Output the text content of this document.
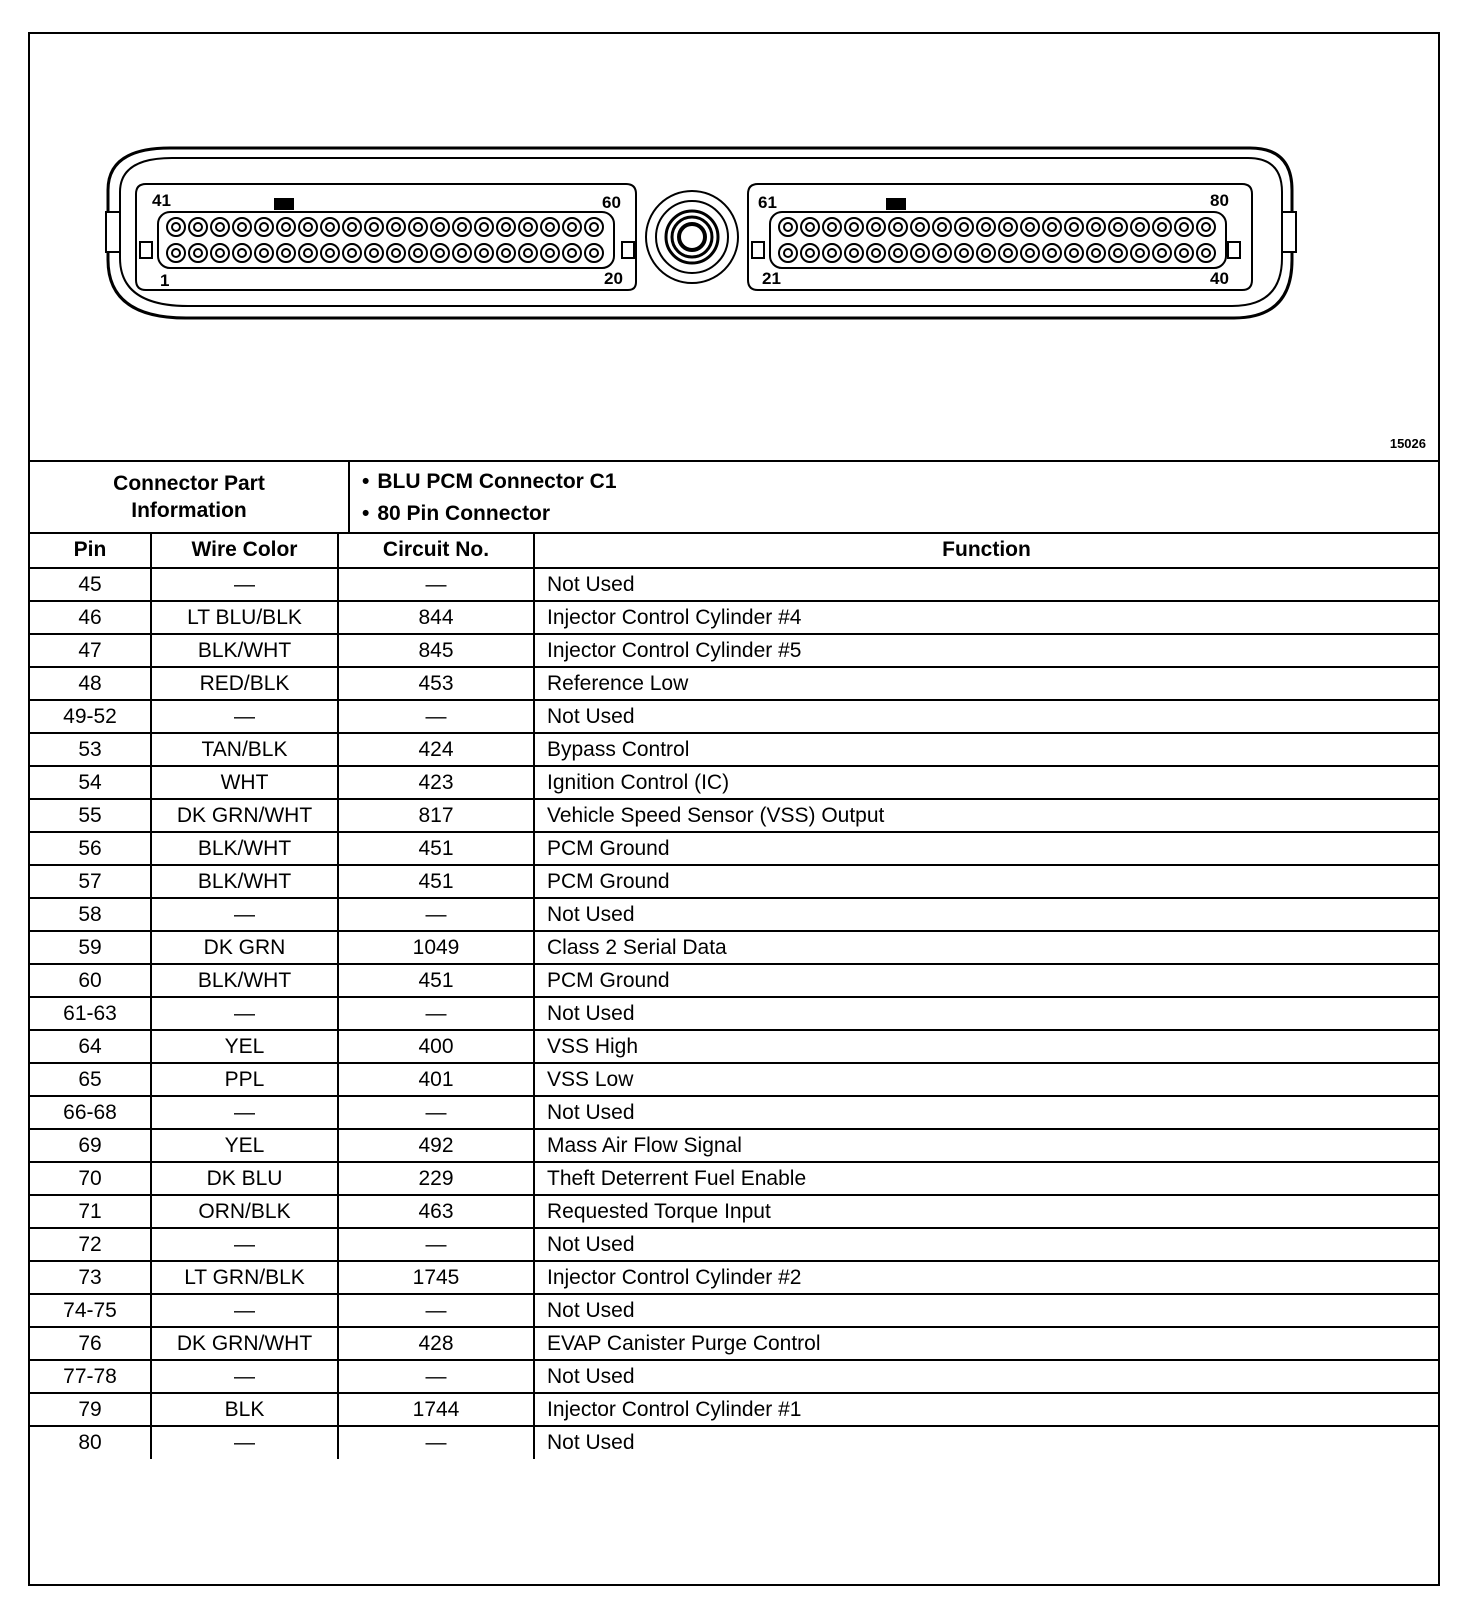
41	60
1	20
61	80
21	40
15026
Connector Part
Information
• BLU PCM Connector C1
• 80 Pin Connector
Pin	Wire Color	Circuit No.	Function
45	—	—	Not Used
46	LT BLU/BLK	844	Injector Control Cylinder #4
47	BLK/WHT	845	Injector Control Cylinder #5
48	RED/BLK	453	Reference Low
49-52	—	—	Not Used
53	TAN/BLK	424	Bypass Control
54	WHT	423	Ignition Control (IC)
55	DK GRN/WHT	817	Vehicle Speed Sensor (VSS) Output
56	BLK/WHT	451	PCM Ground
57	BLK/WHT	451	PCM Ground
58	—	—	Not Used
59	DK GRN	1049	Class 2 Serial Data
60	BLK/WHT	451	PCM Ground
61-63	—	—	Not Used
64	YEL	400	VSS High
65	PPL	401	VSS Low
66-68	—	—	Not Used
69	YEL	492	Mass Air Flow Signal
70	DK BLU	229	Theft Deterrent Fuel Enable
71	ORN/BLK	463	Requested Torque Input
72	—	—	Not Used
73	LT GRN/BLK	1745	Injector Control Cylinder #2
74-75	—	—	Not Used
76	DK GRN/WHT	428	EVAP Canister Purge Control
77-78	—	—	Not Used
79	BLK	1744	Injector Control Cylinder #1
80	—	—	Not Used
